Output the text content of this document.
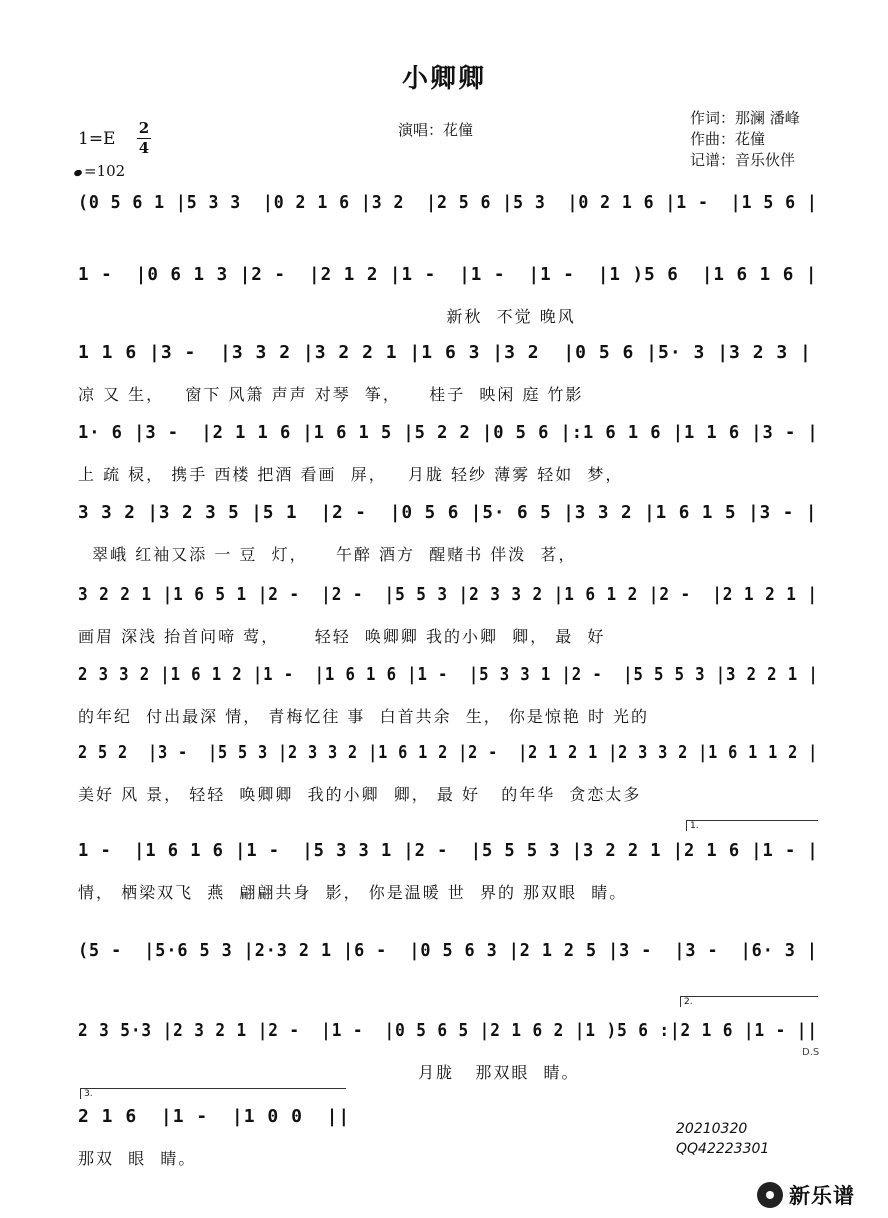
小卿卿
演唱：花僮
作词：那澜 潘峰
作曲：花僮
记谱：音乐伙伴
1=E
2
4
=102
(0 5 6 1 |5 3 3  |0 2 1 6 |3 2  |2 5 6 |5 3  |0 2 1 6 |1 -  |1 5 6 |
1 -  |0 6 1 3 |2 -  |2 1 2 |1 -  |1 -  |1 -  |1 )5 6  |1 6 1 6 |
新秋  不觉 晚风
1 1 6 |3 -  |3 3 2 |3 2 2 1 |1 6 3 |3 2  |0 5 6 |5· 3 |3 2 3 |
凉 又 生，   窗下 风箫 声声 对琴  筝，    桂子  映闲 庭 竹影
1· 6 |3 -  |2 1 1 6 |1 6 1 5 |5 2 2 |0 5 6 |:1 6 1 6 |1 1 6 |3 - |
上 疏 棂， 携手 西楼 把酒 看画  屏，   月胧 轻纱 薄雾 轻如  梦，
3 3 2 |3 2 3 5 |5 1  |2 -  |0 5 6 |5· 6 5 |3 3 2 |1 6 1 5 |3 - |
翠峨 红袖又添 一 豆  灯，    午醉 酒方  醒赌书 伴泼  茗，
3 2 2 1 |1 6 5 1 |2 -  |2 -  |5 5 3 |2 3 3 2 |1 6 1 2 |2 -  |2 1 2 1 |
画眉 深浅 抬首问啼 莺，     轻轻  唤卿卿 我的小卿  卿， 最  好
2 3 3 2 |1 6 1 2 |1 -  |1 6 1 6 |1 -  |5 3 3 1 |2 -  |5 5 5 3 |3 2 2 1 |
的年纪  付出最深 情， 青梅忆往 事  白首共余  生， 你是惊艳 时 光的
2 5 2  |3 -  |5 5 3 |2 3 3 2 |1 6 1 2 |2 -  |2 1 2 1 |2 3 3 2 |1 6 1 1 2 |
美好 风 景， 轻轻  唤卿卿  我的小卿  卿， 最 好   的年华  贪恋太多
1 -  |1 6 1 6 |1 -  |5 3 3 1 |2 -  |5 5 5 3 |3 2 2 1 |2 1 6 |1 - |
情， 栖梁双飞  燕  翩翩共身  影， 你是温暖 世  界的 那双眼  睛。
(5 -  |5·6 5 3 |2·3 2 1 |6 -  |0 5 6 3 |2 1 2 5 |3 -  |3 -  |6· 3 |
2 3 5·3 |2 3 2 1 |2 -  |1 -  |0 5 6 5 |2 1 6 2 |1 )5 6 :|2 1 6 |1 - ||
月胧   那双眼  睛。
2 1 6  |1 -  |1 0 0  ||
那双  眼  睛。
1.
2.
3.
D.S
20210320
QQ42223301
新乐谱
